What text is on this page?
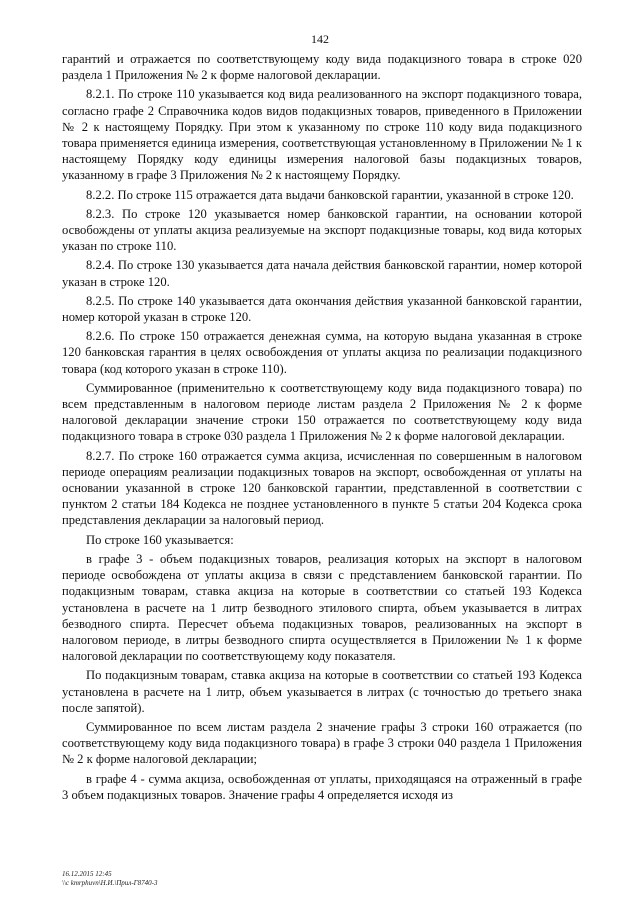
142

гарантий и отражается по соответствующему коду вида подакцизного товара в строке 020 раздела 1 Приложения № 2 к форме налоговой декларации.

8.2.1. По строке 110 указывается код вида реализованного на экспорт подакцизного товара, согласно графе 2 Справочника кодов видов подакцизных товаров, приведенного в Приложении № 2 к настоящему Порядку. При этом к указанному по строке 110 коду вида подакцизного товара применяется единица измерения, соответствующая установленному в Приложении № 1 к настоящему Порядку коду единицы измерения налоговой базы подакцизных товаров, указанному в графе 3 Приложения № 2 к настоящему Порядку.

8.2.2. По строке 115 отражается дата выдачи банковской гарантии, указанной в строке 120.

8.2.3. По строке 120 указывается номер банковской гарантии, на основании которой освобождены от уплаты акциза реализуемые на экспорт подакцизные товары, код вида которых указан по строке 110.

8.2.4. По строке 130 указывается дата начала действия банковской гарантии, номер которой указан в строке 120.

8.2.5. По строке 140 указывается дата окончания действия указанной банковской гарантии, номер которой указан в строке 120.

8.2.6. По строке 150 отражается денежная сумма, на которую выдана указанная в строке 120 банковская гарантия в целях освобождения от уплаты акциза по реализации подакцизного товара (код которого указан в строке 110).

Суммированное (применительно к соответствующему коду вида подакцизного товара) по всем представленным в налоговом периоде листам раздела 2 Приложения № 2 к форме налоговой декларации значение строки 150 отражается по соответствующему коду вида подакцизного товара в строке 030 раздела 1 Приложения № 2 к форме налоговой декларации.

8.2.7. По строке 160 отражается сумма акциза, исчисленная по совершенным в налоговом периоде операциям реализации подакцизных товаров на экспорт, освобожденная от уплаты на основании указанной в строке 120 банковской гарантии, представленной в соответствии с пунктом 2 статьи 184 Кодекса не позднее установленного в пункте 5 статьи 204 Кодекса срока представления декларации за налоговый период.

По строке 160 указывается:

в графе 3 - объем подакцизных товаров, реализация которых на экспорт в налоговом периоде освобождена от уплаты акциза в связи с представлением банковской гарантии. По подакцизным товарам, ставка акциза на которые в соответствии со статьей 193 Кодекса установлена в расчете на 1 литр безводного этилового спирта, объем указывается в литрах безводного спирта. Пересчет объема подакцизных товаров, реализованных на экспорт в налоговом периоде, в литры безводного спирта осуществляется в Приложении № 1 к форме налоговой декларации по соответствующему коду показателя.

По подакцизным товарам, ставка акциза на которые в соответствии со статьей 193 Кодекса установлена в расчете на 1 литр, объем указывается в литрах (с точностью до третьего знака после запятой).

Суммированное по всем листам раздела 2 значение графы 3 строки 160 отражается (по соответствующему коду вида подакцизного товара) в графе 3 строки 040 раздела 1 Приложения № 2 к форме налоговой декларации;

в графе 4 - сумма акциза, освобожденная от уплаты, приходящаяся на отраженный в графе 3 объем подакцизных товаров. Значение графы 4 определяется исходя из

16.12.2015 12:45
\\c kmrphuvn\Н.И.\Прил-Г8740-3
